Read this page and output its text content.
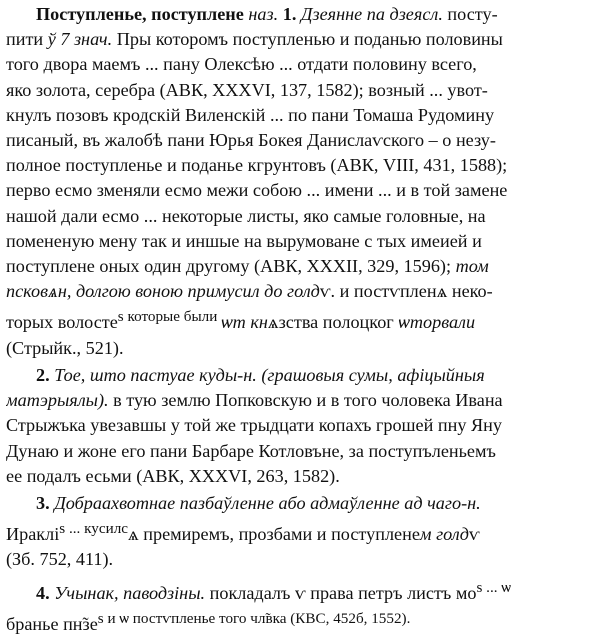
Поступленье, поступлене наз. 1. Дзеянне па дзеясл. посту-
пити ў 7 знач. Пры которомъ поступленью и поданью половины
того двора маемъ ... пану Олексѣю ... отдати половину всего,
яко золота, серебра (АВК, XXXVI, 137, 1582); возный ... увот-
кнулъ позовъ кродскій Виленскій ... по пани Томаша Рудомину
писаный, въ жалобѣ пани Юрья Бокея Данислаѵского – о незу-
полное поступленье и поданье кгрунтовъ (АВК, VIII, 431, 1588);
перво есмо зменяли есмо межи собою ... имени ... и в той замене
нашой дали есмо ... некоторые листы, яко самые головные, на
помененую мену так и иншые на вырумоване с тых имеией и
поступлене оных один другому (АВК, XXXII, 329, 1596); том
псковѧн, долгою воною примусил до голдѵ. и постѵпленѧ неко-
торых волосте$^{s которые были}$ ѡт кнѧзства полоцког ѡторвали
(Стрыйк., 521).
2. Тое, што пастуае куды-н. (грашовыя сумы, афіцыйныя
матэрыялы). в тую землю Попковскую и в того чоловека Ивана
Стрыжъка увезавшы у той же трыдцати копахъ грошей пну Яну
Дунаю и жоне его пани Барбаре Котловъне, за поступъленьемъ
ее подалъ есьми (АВК, XXXVI, 263, 1582).
3. Добраахвотнае пазбаўленне або адмаўленне ад чаго-н.
Ираклі$^{s ... кусилс}$ѧ премиремъ, прозбами и поступленем голдѵ
(Зб. 752, 411).
4. Учынак, паводзіны. покладалъ ѵ права петръ листъ $мо^{s ... ѡ}$
бранье $пн̃зе^{s и ѡ постѵпленье того чл̃вка (КВС, 452б, 1552).}$
